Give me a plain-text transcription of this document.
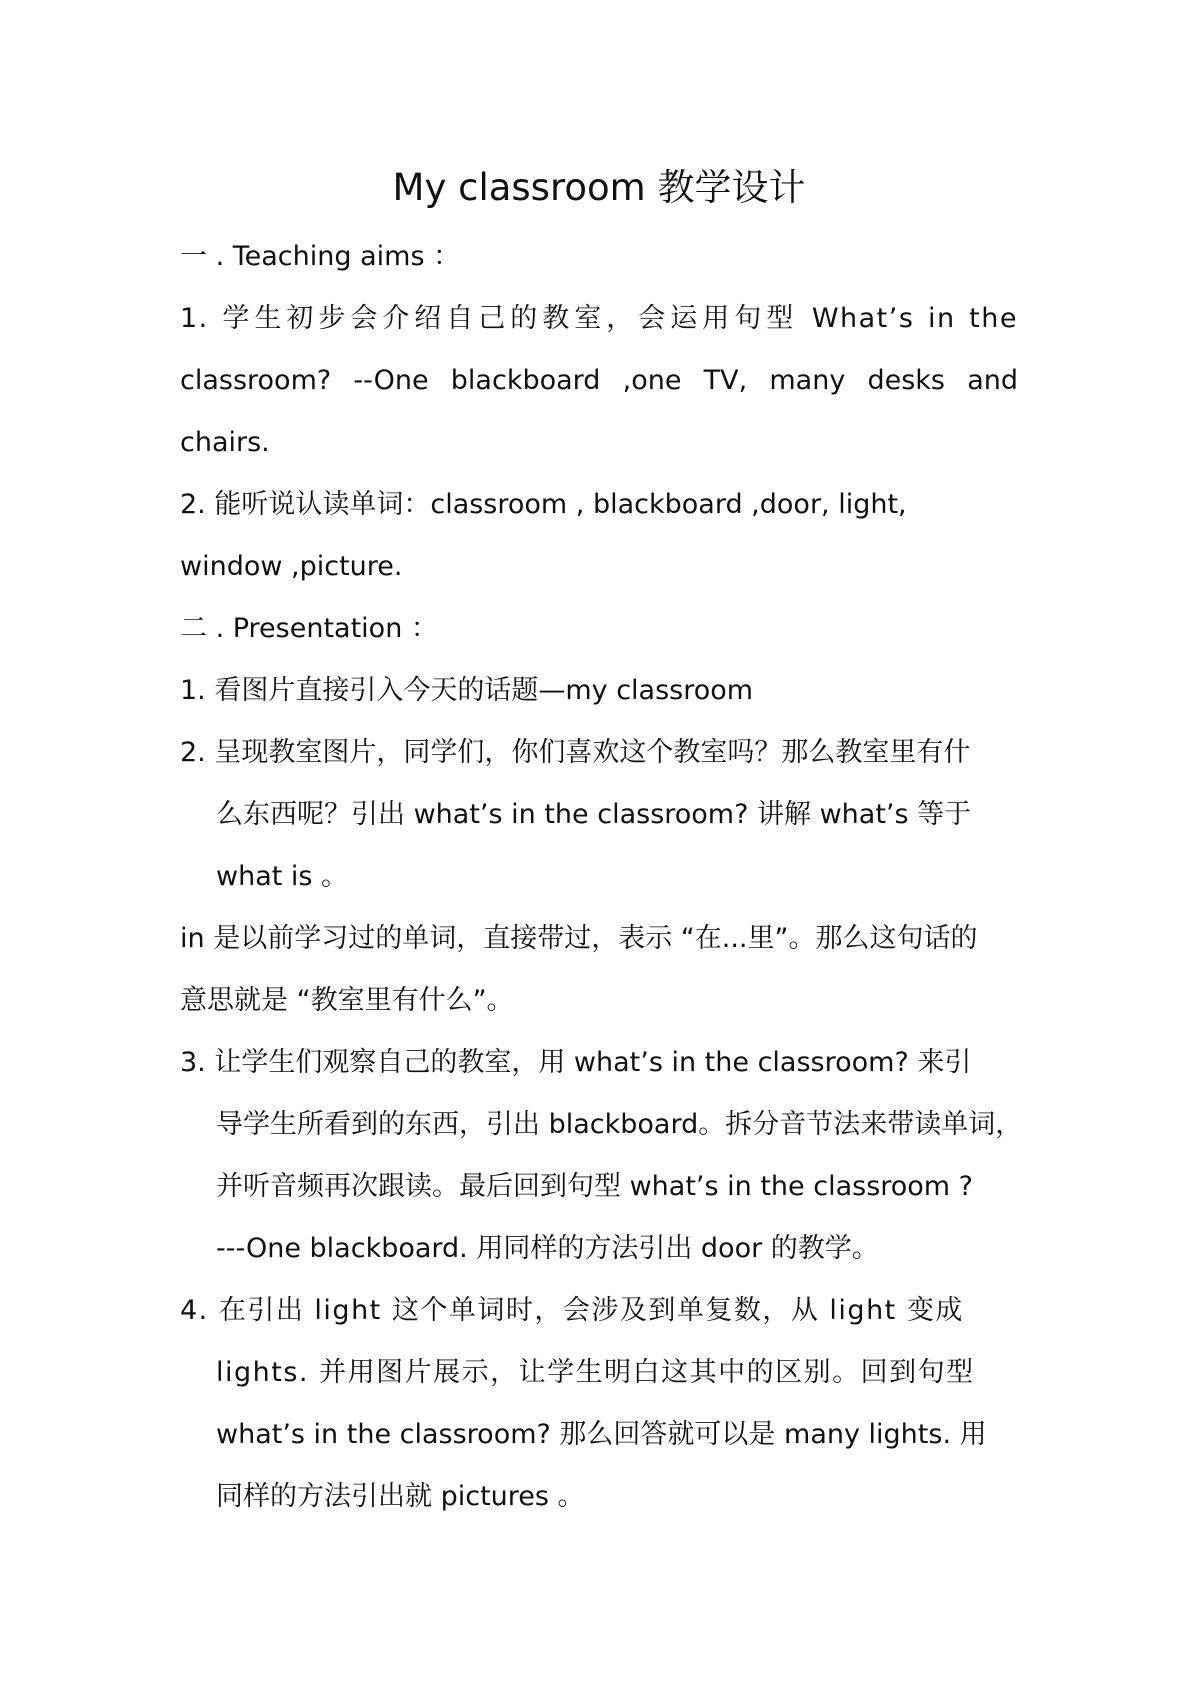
My classroom 教学设计

一 . Teaching aims ：

1. 学生初步会介绍自己的教室，会运用句型 What’s in the

classroom? --One blackboard ,one TV, many desks and

chairs.

2. 能听说认读单词：classroom , blackboard ,door, light,

window ,picture.

二 . Presentation ：

1. 看图片直接引入今天的话题—my classroom

2. 呈现教室图片，同学们，你们喜欢这个教室吗？那么教室里有什

么东西呢？引出 what’s in the classroom? 讲解 what’s 等于

what is 。

in 是以前学习过的单词，直接带过，表示 “在...里”。那么这句话的

意思就是 “教室里有什么”。

3. 让学生们观察自己的教室，用 what’s in the classroom? 来引

导学生所看到的东西，引出 blackboard。拆分音节法来带读单词，

并听音频再次跟读。最后回到句型 what’s in the classroom ?

---One blackboard. 用同样的方法引出 door 的教学。

4. 在引出 light 这个单词时，会涉及到单复数，从 light 变成

lights. 并用图片展示，让学生明白这其中的区别。回到句型

what’s in the classroom? 那么回答就可以是 many lights. 用

同样的方法引出就 pictures 。
